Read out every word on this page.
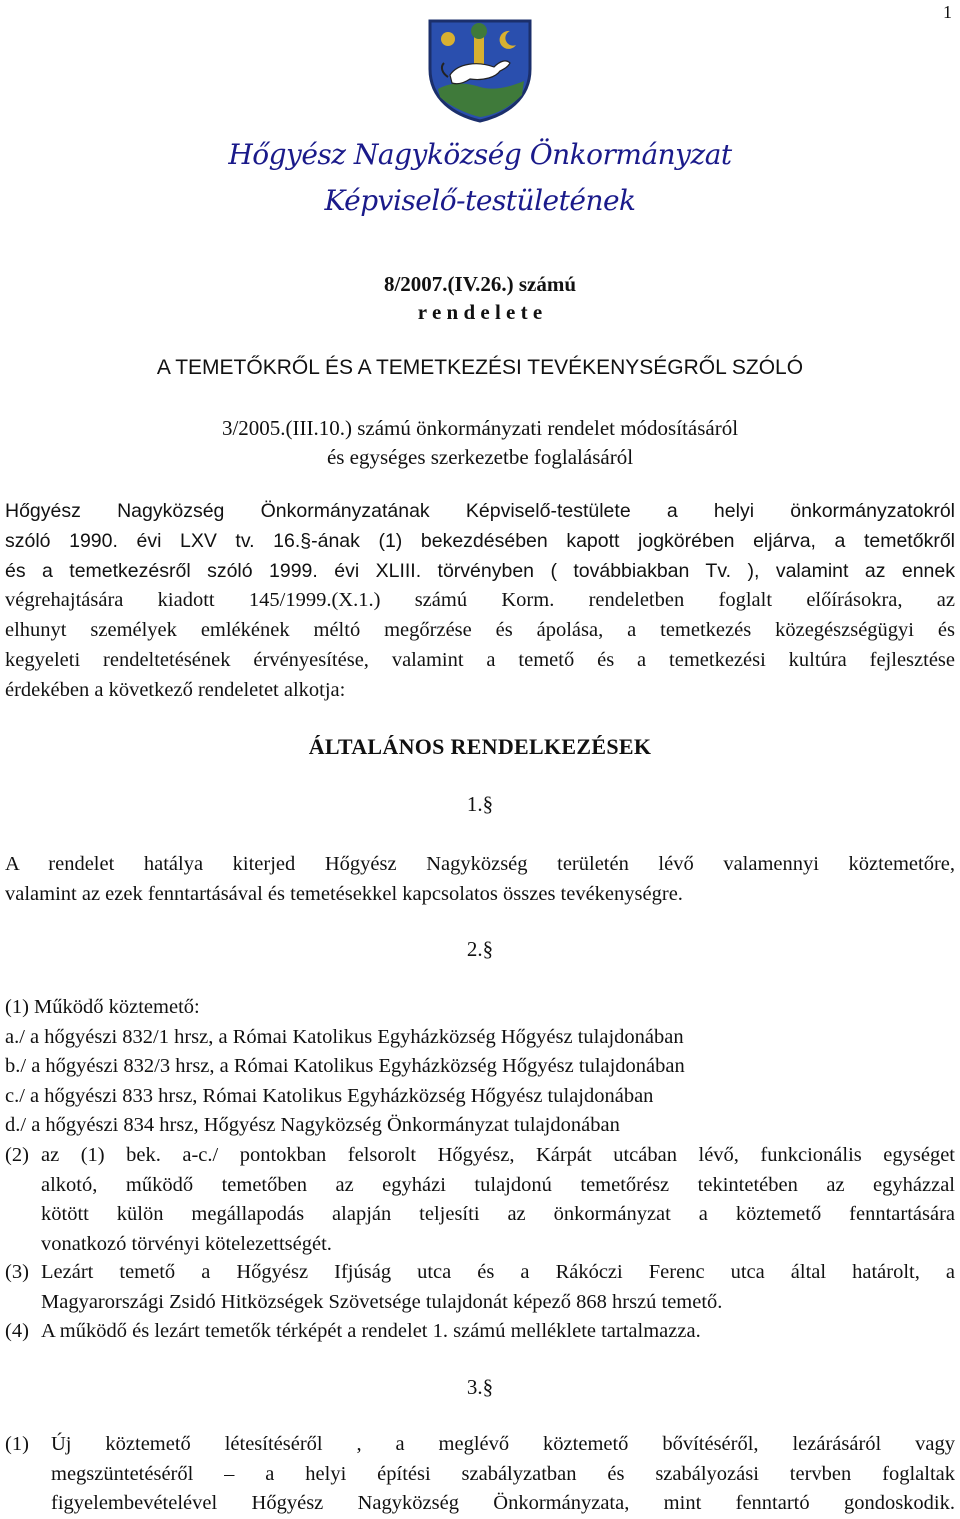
1
Hőgyész Nagyközség Önkormányzat
Képviselő-testületének
8/2007.(IV.26.) számú
r e n d e l e t e
A TEMETŐKRŐL ÉS A TEMETKEZÉSI TEVÉKENYSÉGRŐL SZÓLÓ
3/2005.(III.10.) számú önkormányzati rendelet módosításáról
és egységes szerkezetbe foglalásáról
Hőgyész Nagyközség Önkormányzatának Képviselő-testülete a helyi önkormányzatokról
szóló 1990. évi LXV tv. 16.§-ának (1) bekezdésében kapott jogkörében eljárva, a temetőkről
és a temetkezésről szóló 1999. évi XLIII. törvényben ( továbbiakban Tv. ), valamint az ennek
végrehajtására kiadott 145/1999.(X.1.) számú Korm. rendeletben foglalt előírásokra, az
elhunyt személyek emlékének méltó megőrzése és ápolása, a temetkezés közegészségügyi és
kegyeleti rendeltetésének érvényesítése, valamint a temető és a temetkezési kultúra fejlesztése
érdekében a következő rendeletet alkotja:
ÁLTALÁNOS RENDELKEZÉSEK
1.§
A rendelet hatálya kiterjed Hőgyész Nagyközség területén lévő valamennyi köztemetőre,
valamint az ezek fenntartásával és temetésekkel kapcsolatos összes tevékenységre.
2.§
(1) Működő köztemető:
a./ a hőgyészi 832/1 hrsz, a Római Katolikus Egyházközség Hőgyész tulajdonában
b./ a hőgyészi 832/3 hrsz, a Római Katolikus Egyházközség Hőgyész tulajdonában
c./ a hőgyészi 833 hrsz, Római Katolikus Egyházközség Hőgyész tulajdonában
d./ a hőgyészi 834 hrsz, Hőgyész Nagyközség Önkormányzat tulajdonában
(2) az (1) bek. a-c./ pontokban felsorolt Hőgyész, Kárpát utcában lévő, funkcionális egységet
alkotó, működő temetőben az egyházi tulajdonú temetőrész tekintetében az egyházzal
kötött külön megállapodás alapján teljesíti az önkormányzat a köztemető fenntartására
vonatkozó törvényi kötelezettségét.
(3) Lezárt temető a Hőgyész Ifjúság utca és a Rákóczi Ferenc utca által határolt, a
Magyarországi Zsidó Hitközségek Szövetsége tulajdonát képező 868 hrszú temető.
(4) A működő és lezárt temetők térképét a rendelet 1. számú melléklete tartalmazza.
3.§
(1) Új köztemető létesítéséről , a meglévő köztemető bővítéséről, lezárásáról vagy
megszüntetéséről – a helyi építési szabályzatban és szabályozási tervben foglaltak
figyelembevételével Hőgyész Nagyközség Önkormányzata, mint fenntartó gondoskodik.
